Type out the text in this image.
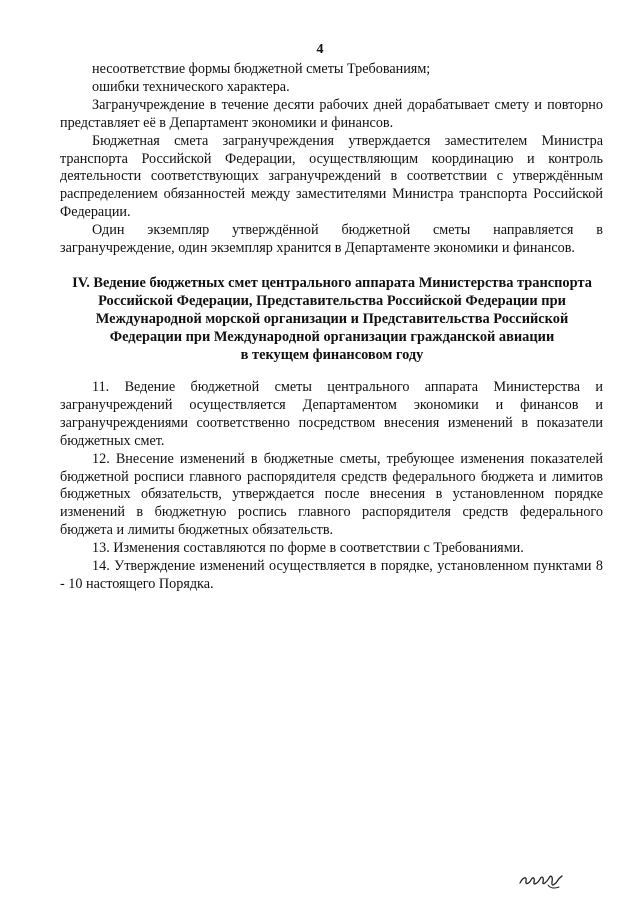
4

несоответствие формы бюджетной сметы Требованиям;

ошибки технического характера.

Загранучреждение в течение десяти рабочих дней дорабатывает смету и повторно представляет её в Департамент экономики и финансов.

Бюджетная смета загранучреждения утверждается заместителем Министра транспорта Российской Федерации, осуществляющим координацию и контроль деятельности соответствующих загранучреждений в соответствии с утверждённым распределением обязанностей между заместителями Министра транспорта Российской Федерации.

Один экземпляр утверждённой бюджетной сметы направляется в загранучреждение, один экземпляр хранится в Департаменте экономики и финансов.

IV. Ведение бюджетных смет центрального аппарата Министерства транспорта
Российской Федерации, Представительства Российской Федерации при
Международной морской организации и Представительства Российской
Федерации при Международной организации гражданской авиации
в текущем финансовом году

11. Ведение бюджетной сметы центрального аппарата Министерства и загранучреждений осуществляется Департаментом экономики и финансов и загранучреждениями соответственно посредством внесения изменений в показатели бюджетных смет.

12. Внесение изменений в бюджетные сметы, требующее изменения показателей бюджетной росписи главного распорядителя средств федерального бюджета и лимитов бюджетных обязательств, утверждается после внесения в установленном порядке изменений в бюджетную роспись главного распорядителя средств федерального бюджета и лимиты бюджетных обязательств.

13. Изменения составляются по форме в соответствии с Требованиями.

14. Утверждение изменений осуществляется в порядке, установленном пунктами 8 - 10 настоящего Порядка.
